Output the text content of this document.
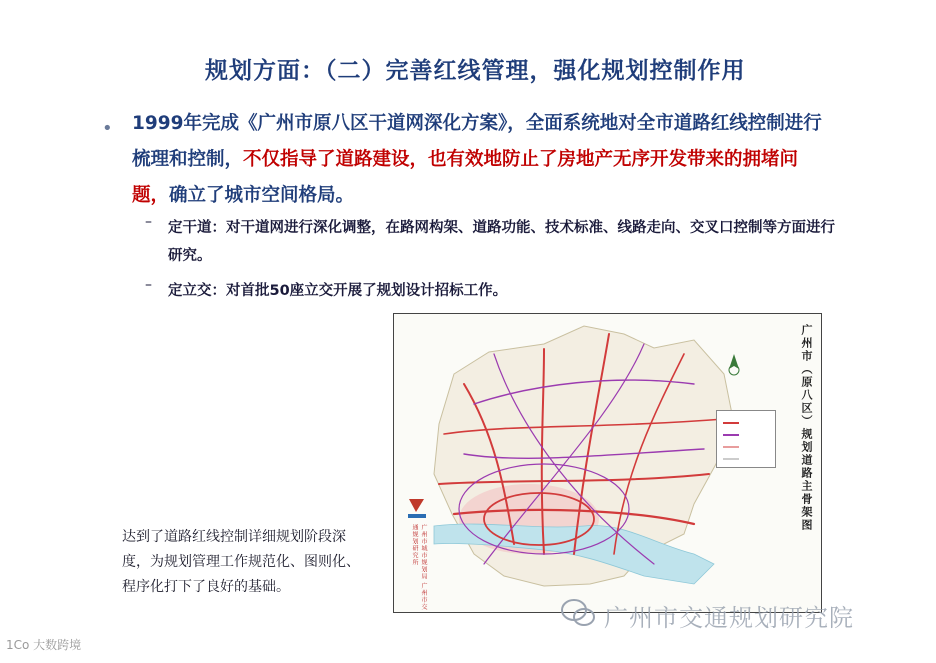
规划方面：（二）完善红线管理，强化规划控制作用
• 1999年完成《广州市原八区干道网深化方案》，全面系统地对全市道路红线控制进行梳理和控制，不仅指导了道路建设，也有效地防止了房地产无序开发带来的拥堵问题，确立了城市空间格局。
– 定干道：对干道网进行深化调整，在路网构架、道路功能、技术标准、线路走向、交叉口控制等方面进行研究。
– 定立交：对首批50座立交开展了规划设计招标工作。
达到了道路红线控制详细规划阶段深度，为规划管理工作规范化、图则化、程序化打下了良好的基础。
广州市（原八区）规划道路主骨架图
广州市城市规划局 广州市交通规划研究所
广州市交通规划研究院
1Co 大数跨境
